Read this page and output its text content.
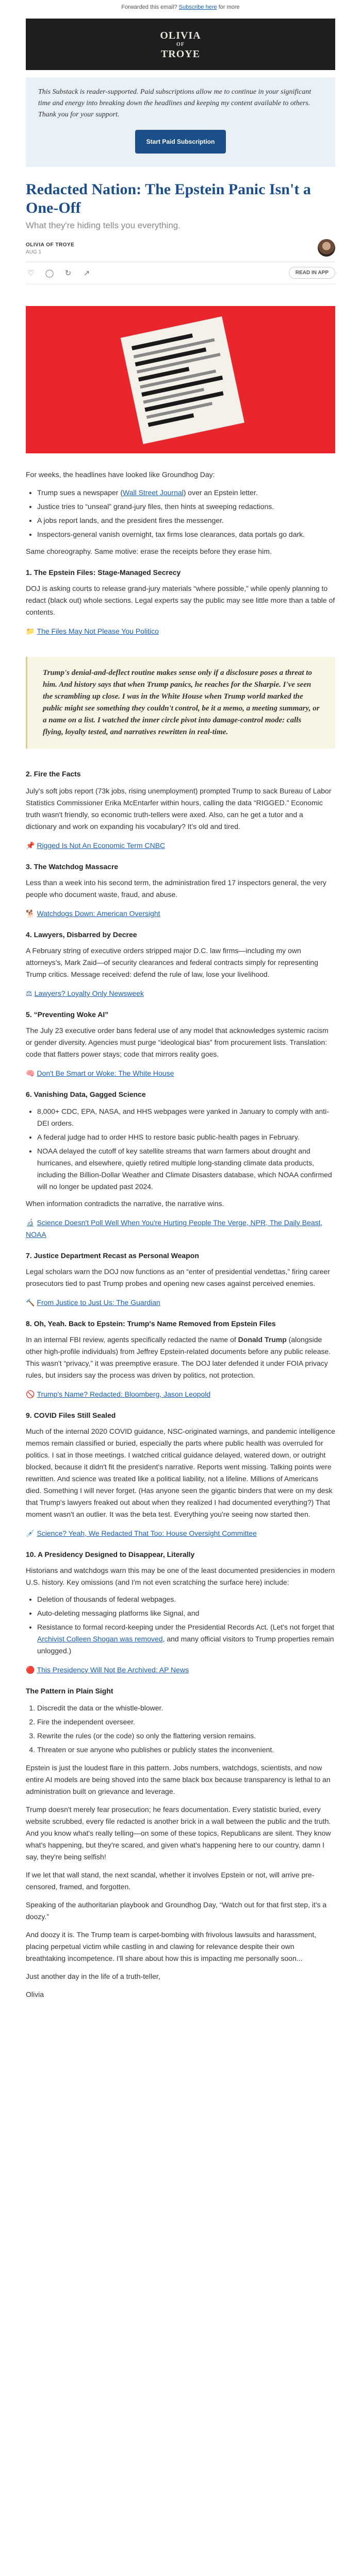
Forwarded this email? Subscribe here for more
OLIVIA
OF
TROYE
This Substack is reader-supported. Paid subscriptions allow me to continue in your significant time and energy into breaking down the headlines and keeping my content available to others. Thank you for your support.
Start Paid Subscription
Redacted Nation: The Epstein Panic Isn't a One-Off
What they're hiding tells you everything.
OLIVIA OF TROYE
AUG 1
♡ ◯ ↻ ↗	READ IN APP

For weeks, the headlines have looked like Groundhog Day:

• Trump sues a newspaper (Wall Street Journal) over an Epstein letter.
• Justice tries to “unseal” grand-jury files, then hints at sweeping redactions.
• A jobs report lands, and the president fires the messenger.
• Inspectors-general vanish overnight, tax firms lose clearances, data portals go dark.

Same choreography. Same motive: erase the receipts before they erase him.

1. The Epstein Files: Stage-Managed Secrecy

DOJ is asking courts to release grand-jury materials “where possible,” while openly planning to redact (black out) whole sections. Legal experts say the public may see little more than a table of contents.

📁 The Files May Not Please You Politico

Trump's denial-and-deflect routine makes sense only if a disclosure poses a threat to him. And history says that when Trump panics, he reaches for the Sharpie. I've seen the scrambling up close. I was in the White House when Trump world marked the public might see something they couldn't control, be it a memo, a meeting summary, or a name on a list. I watched the inner circle pivot into damage-control mode: calls flying, loyalty tested, and narratives rewritten in real-time.

2. Fire the Facts

July's soft jobs report (73k jobs, rising unemployment) prompted Trump to sack Bureau of Labor Statistics Commissioner Erika McEntarfer within hours, calling the data “RIGGED.” Economic truth wasn't friendly, so economic truth-tellers were axed. Also, can he get a tutor and a dictionary and work on expanding his vocabulary? It's old and tired.

📌 Rigged Is Not An Economic Term CNBC

3. The Watchdog Massacre

Less than a week into his second term, the administration fired 17 inspectors general, the very people who document waste, fraud, and abuse.

🐕 Watchdogs Down: American Oversight

4. Lawyers, Disbarred by Decree

A February string of executive orders stripped major D.C. law firms—including my own attorneys’s, Mark Zaid—of security clearances and federal contracts simply for representing Trump critics. Message received: defend the rule of law, lose your livelihood.

⚖ Lawyers? Loyalty Only Newsweek

5. “Preventing Woke AI”

The July 23 executive order bans federal use of any model that acknowledges systemic racism or gender diversity. Agencies must purge “ideological bias” from procurement lists. Translation: code that flatters power stays; code that mirrors reality goes.

🧠 Don't Be Smart or Woke: The White House

6. Vanishing Data, Gagged Science

• 8,000+ CDC, EPA, NASA, and HHS webpages were yanked in January to comply with anti-DEI orders.
• A federal judge had to order HHS to restore basic public-health pages in February.
• NOAA delayed the cutoff of key satellite streams that warn farmers about drought and hurricanes, and elsewhere, quietly retired multiple long-standing climate data products, including the Billion-Dollar Weather and Climate Disasters database, which NOAA confirmed will no longer be updated past 2024.

When information contradicts the narrative, the narrative wins.

🔬 Science Doesn't Poll Well When You're Hurting People The Verge, NPR, The Daily Beast, NOAA

7. Justice Department Recast as Personal Weapon

Legal scholars warn the DOJ now functions as an “enter of presidential vendettas,” firing career prosecutors tied to past Trump probes and opening new cases against perceived enemies.

🔨 From Justice to Just Us: The Guardian

8. Oh, Yeah. Back to Epstein: Trump's Name Removed from Epstein Files

In an internal FBI review, agents specifically redacted the name of Donald Trump (alongside other high-profile individuals) from Jeffrey Epstein-related documents before any public release. This wasn't “privacy,” it was preemptive erasure. The DOJ later defended it under FOIA privacy rules, but insiders say the process was driven by politics, not protection.

🚫 Trump's Name? Redacted: Bloomberg, Jason Leopold

9. COVID Files Still Sealed

Much of the internal 2020 COVID guidance, NSC-originated warnings, and pandemic intelligence memos remain classified or buried, especially the parts where public health was overruled for politics. I sat in those meetings. I watched critical guidance delayed, watered down, or outright blocked, because it didn't fit the president's narrative. Reports went missing. Talking points were rewritten. And science was treated like a political liability, not a lifeline. Millions of Americans died. Something I will never forget. (Has anyone seen the gigantic binders that were on my desk that Trump's lawyers freaked out about when they realized I had documented everything?) That moment wasn't an outlier. It was the beta test. Everything you're seeing now started then.

💉 Science? Yeah, We Redacted That Too: House Oversight Committee

10. A Presidency Designed to Disappear, Literally

Historians and watchdogs warn this may be one of the least documented presidencies in modern U.S. history. Key omissions (and I'm not even scratching the surface here) include:

• Deletion of thousands of federal webpages.
• Auto-deleting messaging platforms like Signal, and
• Resistance to formal record-keeping under the Presidential Records Act. (Let's not forget that Archivist Colleen Shogan was removed, and many official visitors to Trump properties remain unlogged.)

🔴 This Presidency Will Not Be Archived: AP News

The Pattern in Plain Sight

1. Discredit the data or the whistle-blower.
2. Fire the independent overseer.
3. Rewrite the rules (or the code) so only the flattering version remains.
4. Threaten or sue anyone who publishes or publicly states the inconvenient.

Epstein is just the loudest flare in this pattern. Jobs numbers, watchdogs, scientists, and now entire AI models are being shoved into the same black box because transparency is lethal to an administration built on grievance and leverage.

Trump doesn't merely fear prosecution; he fears documentation. Every statistic buried, every website scrubbed, every file redacted is another brick in a wall between the public and the truth. And you know what's really telling—on some of these topics, Republicans are silent. They know what's happening, but they're scared, and given what's happening here to our country, damn I say, they're being selfish!

If we let that wall stand, the next scandal, whether it involves Epstein or not, will arrive pre-censored, framed, and forgotten.

Speaking of the authoritarian playbook and Groundhog Day, “Watch out for that first step, it's a doozy.”

And doozy it is. The Trump team is carpet-bombing with frivolous lawsuits and harassment, placing perpetual victim while castling in and clawing for relevance despite their own breathtaking incompetence. I'll share about how this is impacting me personally soon...

Just another day in the life of a truth-teller,

Olivia
